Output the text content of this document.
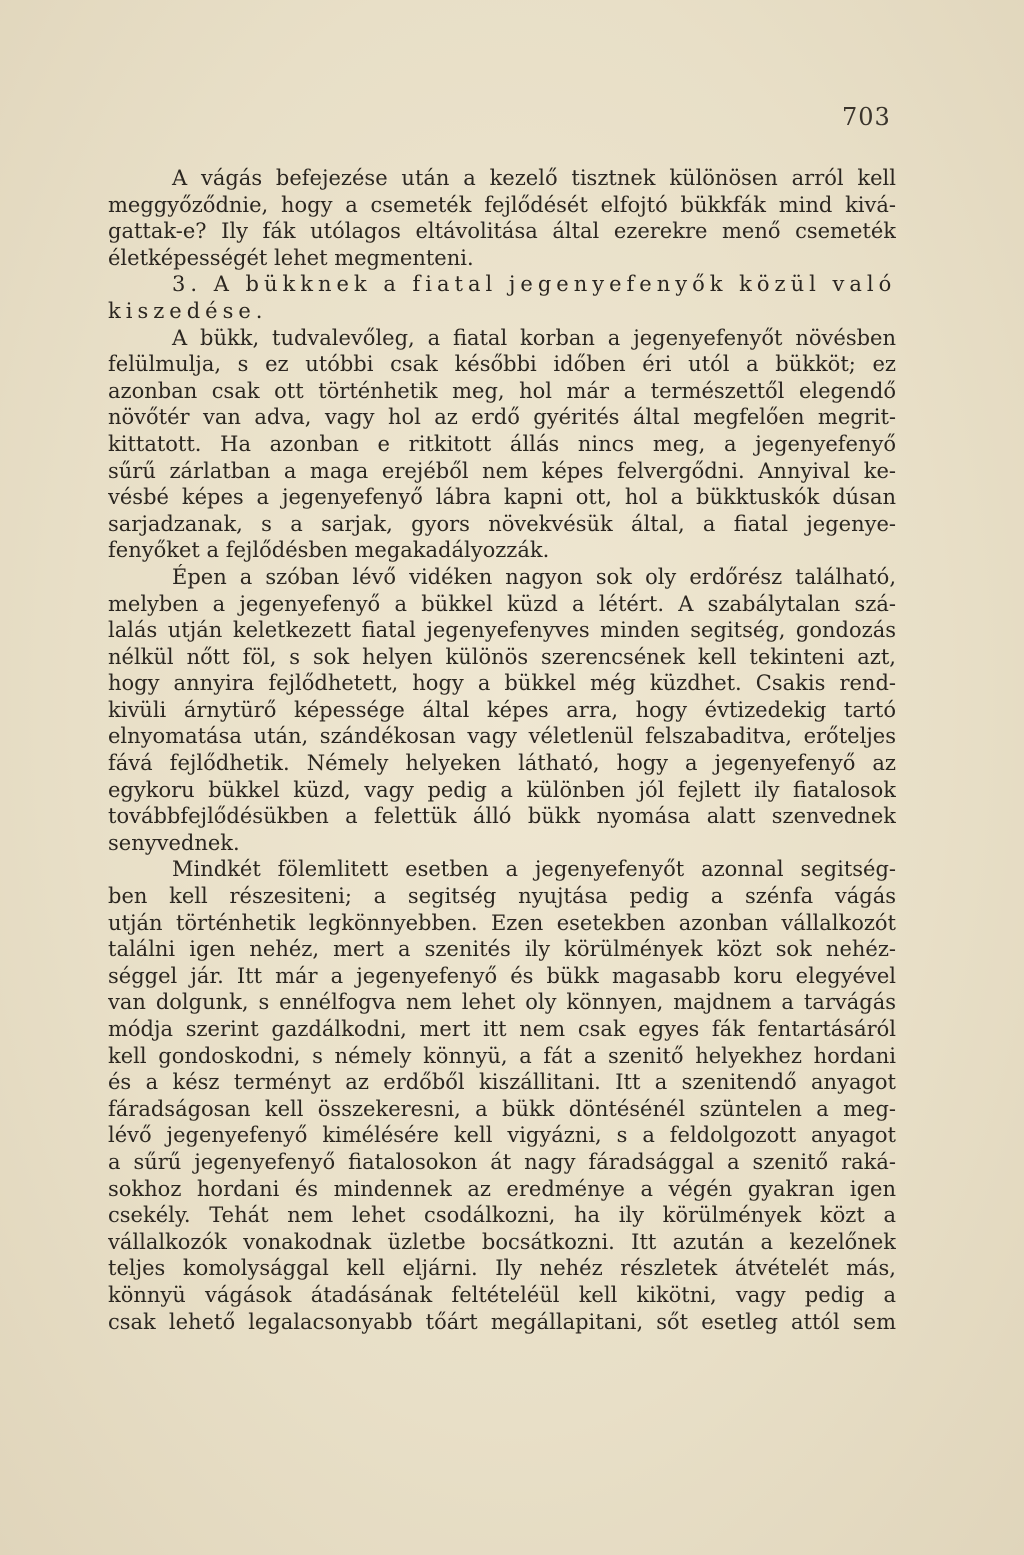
703
A vágás befejezése után a kezelő tisztnek különösen arról kell
meggyőződnie, hogy a csemeték fejlődését elfojtó bükkfák mind kivá-
gattak-e? Ily fák utólagos eltávolitása által ezerekre menő csemeték
életképességét lehet megmenteni.
3. A bükknek a fiatal jegenyefenyők közül való
kiszedése.
A bükk, tudvalevőleg, a fiatal korban a jegenyefenyőt növésben
felülmulja, s ez utóbbi csak későbbi időben éri utól a bükköt; ez
azonban csak ott történhetik meg, hol már a természettől elegendő
növőtér van adva, vagy hol az erdő gyérités által megfelően megrit-
kittatott. Ha azonban e ritkitott állás nincs meg, a jegenyefenyő
sűrű zárlatban a maga erejéből nem képes felvergődni. Annyival ke-
vésbé képes a jegenyefenyő lábra kapni ott, hol a bükktuskók dúsan
sarjadzanak, s a sarjak, gyors növekvésük által, a fiatal jegenye-
fenyőket a fejlődésben megakadályozzák.
Épen a szóban lévő vidéken nagyon sok oly erdőrész található,
melyben a jegenyefenyő a bükkel küzd a létért. A szabálytalan szá-
lalás utján keletkezett fiatal jegenyefenyves minden segitség, gondozás
nélkül nőtt föl, s sok helyen különös szerencsének kell tekinteni azt,
hogy annyira fejlődhetett, hogy a bükkel még küzdhet. Csakis rend-
kivüli árnytürő képessége által képes arra, hogy évtizedekig tartó
elnyomatása után, szándékosan vagy véletlenül felszabaditva, erőteljes
fává fejlődhetik. Némely helyeken látható, hogy a jegenyefenyő az
egykoru bükkel küzd, vagy pedig a különben jól fejlett ily fiatalosok
továbbfejlődésükben a felettük álló bükk nyomása alatt szenvednek
senyvednek.
Mindkét fölemlitett esetben a jegenyefenyőt azonnal segitség-
ben kell részesiteni; a segitség nyujtása pedig a szénfa vágás
utján történhetik legkönnyebben. Ezen esetekben azonban vállalkozót
találni igen nehéz, mert a szenités ily körülmények közt sok nehéz-
séggel jár. Itt már a jegenyefenyő és bükk magasabb koru elegyével
van dolgunk, s ennélfogva nem lehet oly könnyen, majdnem a tarvágás
módja szerint gazdálkodni, mert itt nem csak egyes fák fentartásáról
kell gondoskodni, s némely könnyü, a fát a szenitő helyekhez hordani
és a kész terményt az erdőből kiszállitani. Itt a szenitendő anyagot
fáradságosan kell összekeresni, a bükk döntésénél szüntelen a meg-
lévő jegenyefenyő kimélésére kell vigyázni, s a feldolgozott anyagot
a sűrű jegenyefenyő fiatalosokon át nagy fáradsággal a szenitő raká-
sokhoz hordani és mindennek az eredménye a végén gyakran igen
csekély. Tehát nem lehet csodálkozni, ha ily körülmények közt a
vállalkozók vonakodnak üzletbe bocsátkozni. Itt azután a kezelőnek
teljes komolysággal kell eljárni. Ily nehéz részletek átvételét más,
könnyü vágások átadásának feltételéül kell kikötni, vagy pedig a
csak lehető legalacsonyabb tőárt megállapitani, sőt esetleg attól sem
